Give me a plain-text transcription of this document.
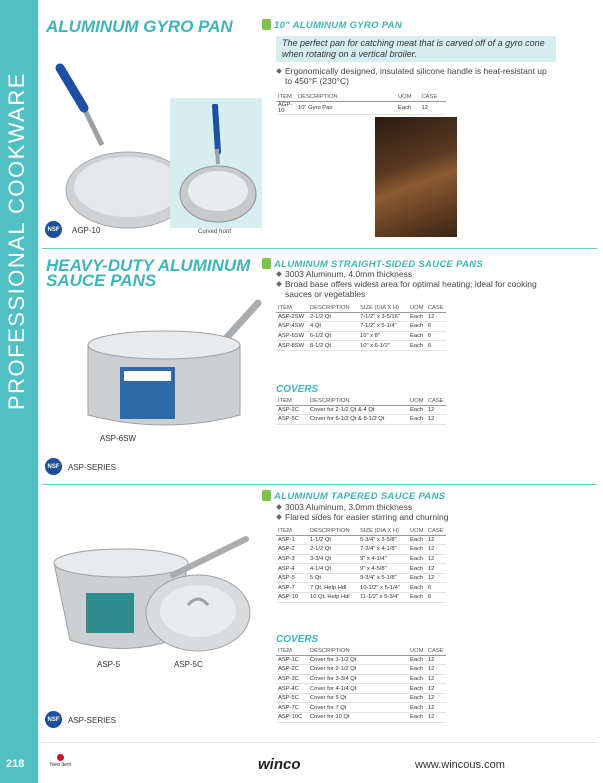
PROFESSIONAL COOKWARE
218
ALUMINUM GYRO PAN	10" ALUMINUM GYRO PAN
The perfect pan for catching meat that is carved off of a gyro cone when rotating on a vertical broiler.
Ergonomically designed, insulated silicone handle is heat-resistant up to 450°F (230°C)
ITEM	DESCRIPTION	UOM	CASE
AGP-10	10" Gyro Pan	Each	12
Curved front
NSF	AGP-10
HEAVY-DUTY ALUMINUM
SAUCE PANS
ALUMINUM STRAIGHT-SIDED SAUCE PANS
3003 Aluminum, 4.0mm thickness
Broad base offers widest area for optimal heating; ideal for cooking sauces or vegetables
ITEM	DESCRIPTION	SIZE (DIA X H)	UOM	CASE
ASP-2SW	2-1/2 Qt	7-1/2" x 3-5/16"	Each	12
ASP-4SW	4 Qt	7-1/2" x 5-1/4"	Each	6
ASP-6SW	6-1/2 Qt	10" x 8"	Each	6
ASP-8SW	8-1/2 Qt	10" x 6-1/2"	Each	6
COVERS
ITEM	DESCRIPTION	UOM	CASE
ASP-2C	Cover for 2-1/2 Qt & 4 Qt	Each	12
ASP-5C	Cover for 6-1/2 Qt & 8-1/2 Qt	Each	12
ASP-6SW
NSF	ASP-SERIES
ALUMINUM TAPERED SAUCE PANS
3003 Aluminum, 3.0mm thickness
Flared sides for easier stirring and churning
ITEM	DESCRIPTION	SIZE (DIA X H)	UOM	CASE
ASP-1	1-1/2 Qt	5-3/4" x 3-5/8"	Each	12
ASP-2	2-1/2 Qt	7-3/4" x 4-1/8"	Each	12
ASP-3	3-3/4 Qt	9" x 4-1/4"	Each	12
ASP-4	4-1/4 Qt	9" x 4-5/8"	Each	12
ASP-5	5 Qt	9-3/4" x 5-1/8"	Each	12
ASP-7	7 Qt, Help Hdl	10-1/2" x 5-1/4"	Each	6
ASP-10	10 Qt, Help Hdl	11-1/2" x 5-3/4"	Each	6
COVERS
ITEM	DESCRIPTION	UOM	CASE
ASP-1C	Cover for 1-1/2 Qt	Each	12
ASP-2C	Cover for 2-1/2 Qt	Each	12
ASP-3C	Cover for 3-3/4 Qt	Each	12
ASP-4C	Cover for 4-1/4 Qt	Each	12
ASP-5C	Cover for 5 Qt	Each	12
ASP-7C	Cover for 7 Qt	Each	12
ASP-10C	Cover for 10 Qt	Each	12
ASP-5	ASP-5C
NSF	ASP-SERIES
New Item	winco	www.wincous.com
